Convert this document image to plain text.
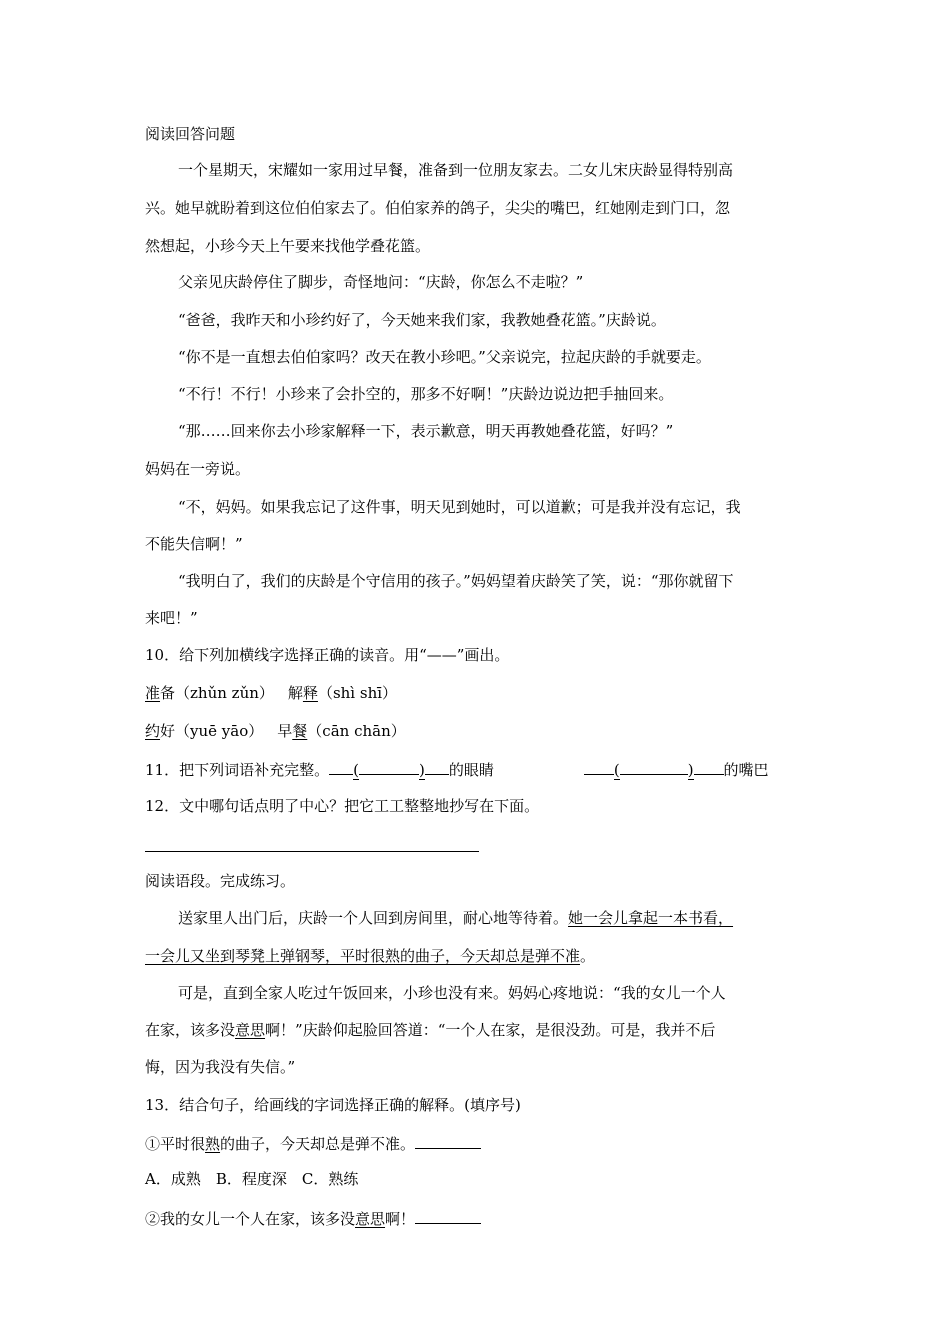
阅读回答问题
一个星期天，宋耀如一家用过早餐，准备到一位朋友家去。二女儿宋庆龄显得特别高
兴。她早就盼着到这位伯伯家去了。伯伯家养的鸽子，尖尖的嘴巴，红她刚走到门口，忽
然想起，小珍今天上午要来找他学叠花篮。
父亲见庆龄停住了脚步，奇怪地问：“庆龄，你怎么不走啦？”
“爸爸，我昨天和小珍约好了，今天她来我们家，我教她叠花篮。”庆龄说。
“你不是一直想去伯伯家吗？改天在教小珍吧。”父亲说完，拉起庆龄的手就要走。
“不行！不行！小珍来了会扑空的，那多不好啊！”庆龄边说边把手抽回来。
“那……回来你去小珍家解释一下，表示歉意，明天再教她叠花篮，好吗？”
妈妈在一旁说。
“不，妈妈。如果我忘记了这件事，明天见到她时，可以道歉；可是我并没有忘记，我
不能失信啊！”
“我明白了，我们的庆龄是个守信用的孩子。”妈妈望着庆龄笑了笑，说：“那你就留下
来吧！”
10．给下列加横线字选择正确的读音。用“——”画出。
准备（zhǔn zǔn） 解释（shì shī）
约好（yuē yāo） 早餐（cān chān）
11．把下列词语补充完整。 (	) 的眼睛	(	) 的嘴巴
12．文中哪句话点明了中心？把它工工整整地抄写在下面。
阅读语段。完成练习。
送家里人出门后，庆龄一个人回到房间里，耐心地等待着。她一会儿拿起一本书看，
一会儿又坐到琴凳上弹钢琴，平时很熟的曲子，今天却总是弹不准。
可是，直到全家人吃过午饭回来，小珍也没有来。妈妈心疼地说：“我的女儿一个人
在家，该多没意思啊！”庆龄仰起脸回答道：“一个人在家，是很没劲。可是，我并不后
悔，因为我没有失信。”
13．结合句子，给画线的字词选择正确的解释。(填序号)
①平时很熟的曲子，今天却总是弹不准。
A．成熟　B．程度深　C．熟练
②我的女儿一个人在家，该多没意思啊！
